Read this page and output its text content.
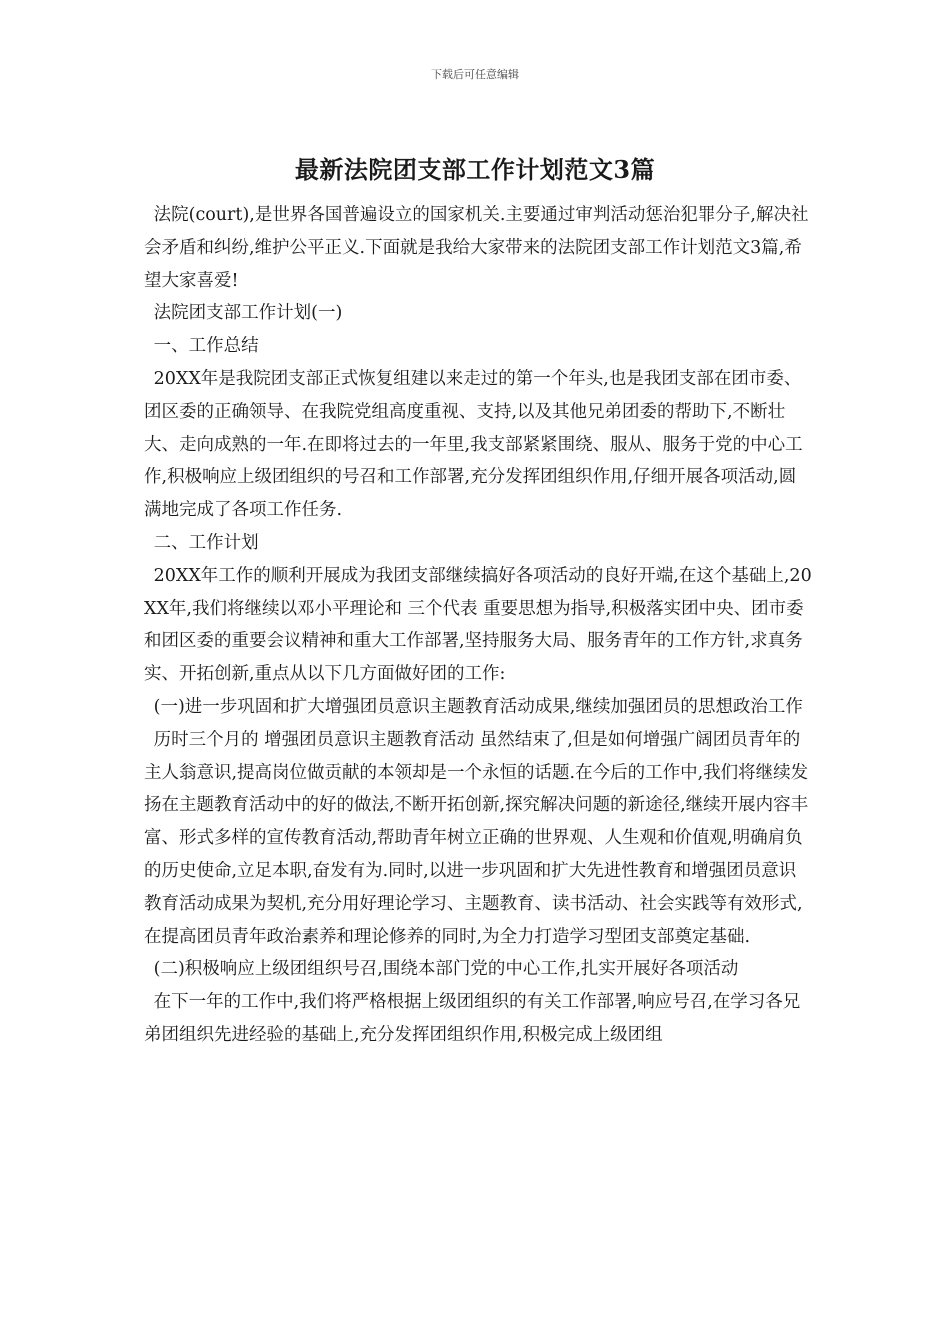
下载后可任意编辑
最新法院团支部工作计划范文3篇

法院(court),是世界各国普遍设立的国家机关.主要通过审判活动惩治犯罪分子,解决社会矛盾和纠纷,维护公平正义.下面就是我给大家带来的法院团支部工作计划范文3篇,希望大家喜爱!

法院团支部工作计划(一)

一、工作总结

20XX年是我院团支部正式恢复组建以来走过的第一个年头,也是我团支部在团市委、团区委的正确领导、在我院党组高度重视、支持,以及其他兄弟团委的帮助下,不断壮大、走向成熟的一年.在即将过去的一年里,我支部紧紧围绕、服从、服务于党的中心工作,积极响应上级团组织的号召和工作部署,充分发挥团组织作用,仔细开展各项活动,圆满地完成了各项工作任务.

二、工作计划

20XX年工作的顺利开展成为我团支部继续搞好各项活动的良好开端,在这个基础上,20XX年,我们将继续以邓小平理论和 三个代表 重要思想为指导,积极落实团中央、团市委和团区委的重要会议精神和重大工作部署,坚持服务大局、服务青年的工作方针,求真务实、开拓创新,重点从以下几方面做好团的工作:

(一)进一步巩固和扩大增强团员意识主题教育活动成果,继续加强团员的思想政治工作

历时三个月的 增强团员意识主题教育活动 虽然结束了,但是如何增强广阔团员青年的主人翁意识,提高岗位做贡献的本领却是一个永恒的话题.在今后的工作中,我们将继续发扬在主题教育活动中的好的做法,不断开拓创新,探究解决问题的新途径,继续开展内容丰富、形式多样的宣传教育活动,帮助青年树立正确的世界观、人生观和价值观,明确肩负的历史使命,立足本职,奋发有为.同时,以进一步巩固和扩大先进性教育和增强团员意识教育活动成果为契机,充分用好理论学习、主题教育、读书活动、社会实践等有效形式,在提高团员青年政治素养和理论修养的同时,为全力打造学习型团支部奠定基础.

(二)积极响应上级团组织号召,围绕本部门党的中心工作,扎实开展好各项活动

在下一年的工作中,我们将严格根据上级团组织的有关工作部署,响应号召,在学习各兄弟团组织先进经验的基础上,充分发挥团组织作用,积极完成上级团组
